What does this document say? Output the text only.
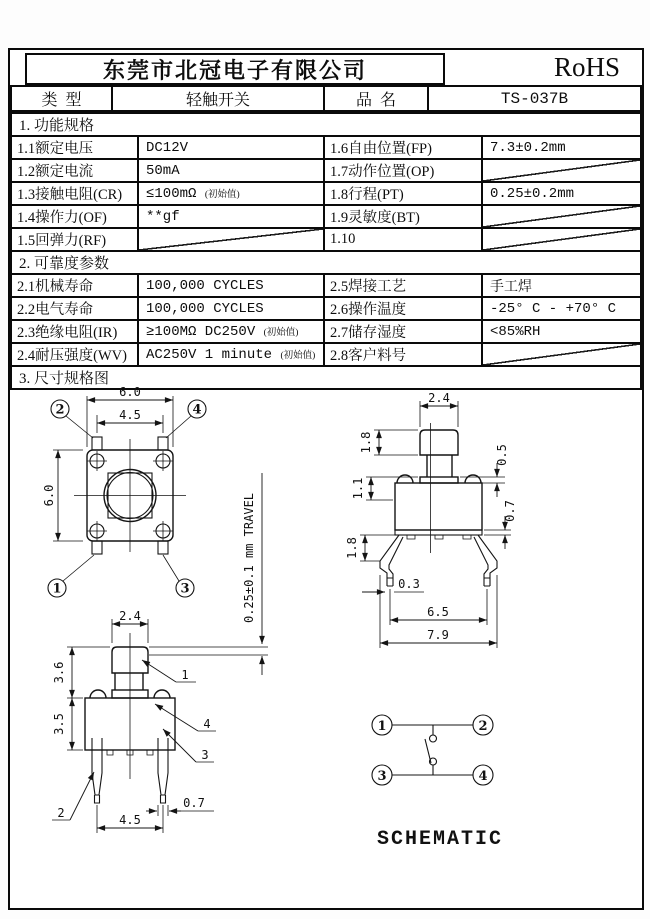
东莞市北冠电子有限公司	RoHS
类  型	轻触开关	品  名	TS-037B
1. 功能规格			
1.1额定电压	DC12V	1.6自由位置(FP)	7.3±0.2mm
1.2额定电流	50mA	1.7动作位置(OP)	
1.3接触电阻(CR)	≤100mΩ (初始值)	1.8行程(PT)	0.25±0.2mm
1.4操作力(OF)	**gf	1.9灵敏度(BT)	
1.5回弹力(RF)		1.10	
2. 可靠度参数			
2.1机械寿命	100,000 CYCLES	2.5焊接工艺	手工焊
2.2电气寿命	100,000 CYCLES	2.6操作温度	-25° C - +70° C
2.3绝缘电阻(IR)	≥100MΩ DC250V (初始值)	2.7储存湿度	<85%RH
2.4耐压强度(WV)	AC250V 1 minute (初始值)	2.8客户料号	
3. 尺寸规格图			
6.0
4.5
6.0
2	4
1	3	0.25±0.1 mm TRAVEL
2.4
1.8
0.5
1.1
0.7
1.8
0.3
6.5
7.9
2.4
3.6
3.5
0.7
4.5
1
4
3
2
1	2
3	4
SCHEMATIC
